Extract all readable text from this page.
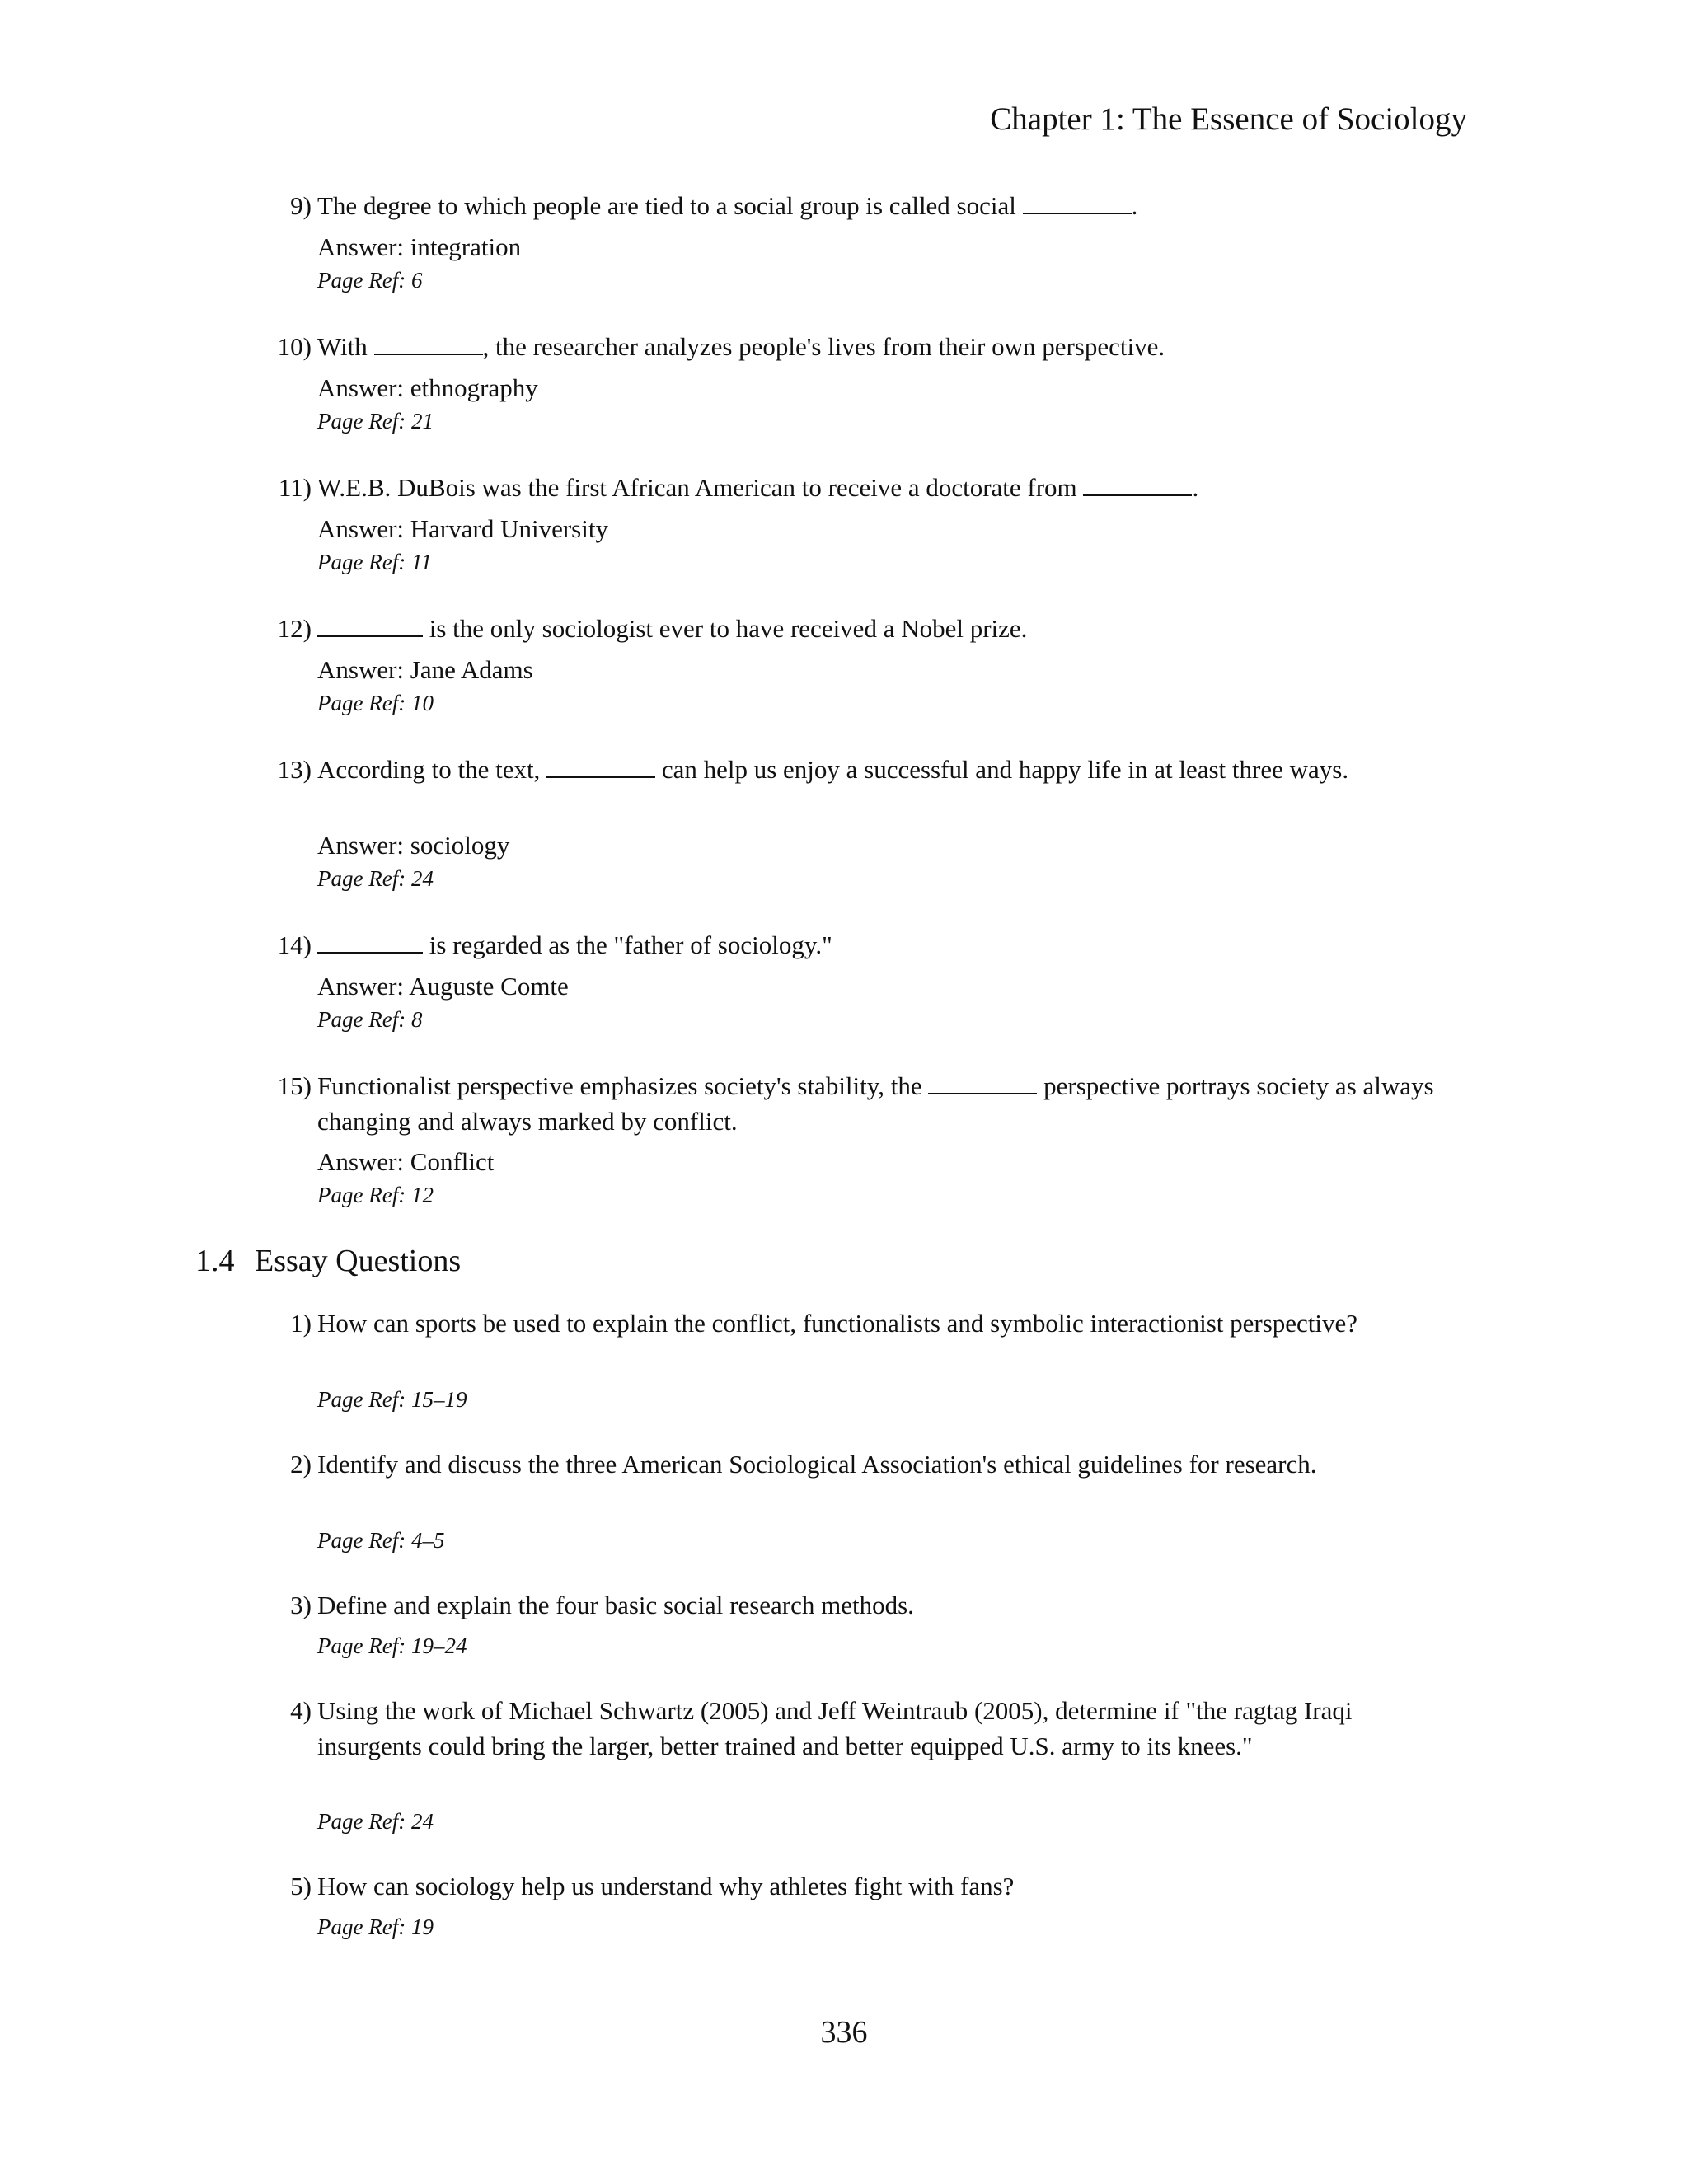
Chapter 1: The Essence of Sociology
9) The degree to which people are tied to a social group is called social	.
Answer: integration
Page Ref: 6
10) With	, the researcher analyzes people's lives from their own perspective.
Answer: ethnography
Page Ref: 21
11) W.E.B. DuBois was the first African American to receive a doctorate from	.
Answer: Harvard University
Page Ref: 11
12)	is the only sociologist ever to have received a Nobel prize.
Answer: Jane Adams
Page Ref: 10
13) According to the text,	can help us enjoy a successful and happy life in at least three ways.
Answer: sociology
Page Ref: 24
14)	is regarded as the "father of sociology."
Answer: Auguste Comte
Page Ref: 8
15) Functionalist perspective emphasizes society's stability, the	perspective portrays society as always changing and always marked by conflict.
Answer: Conflict
Page Ref: 12
1.4 Essay Questions
1) How can sports be used to explain the conflict, functionalists and symbolic interactionist perspective?
Page Ref: 15–19
2) Identify and discuss the three American Sociological Association's ethical guidelines for research.
Page Ref: 4–5
3) Define and explain the four basic social research methods.
Page Ref: 19–24
4) Using the work of Michael Schwartz (2005) and Jeff Weintraub (2005), determine if "the ragtag Iraqi insurgents could bring the larger, better trained and better equipped U.S. army to its knees."
Page Ref: 24
5) How can sociology help us understand why athletes fight with fans?
Page Ref: 19
336
